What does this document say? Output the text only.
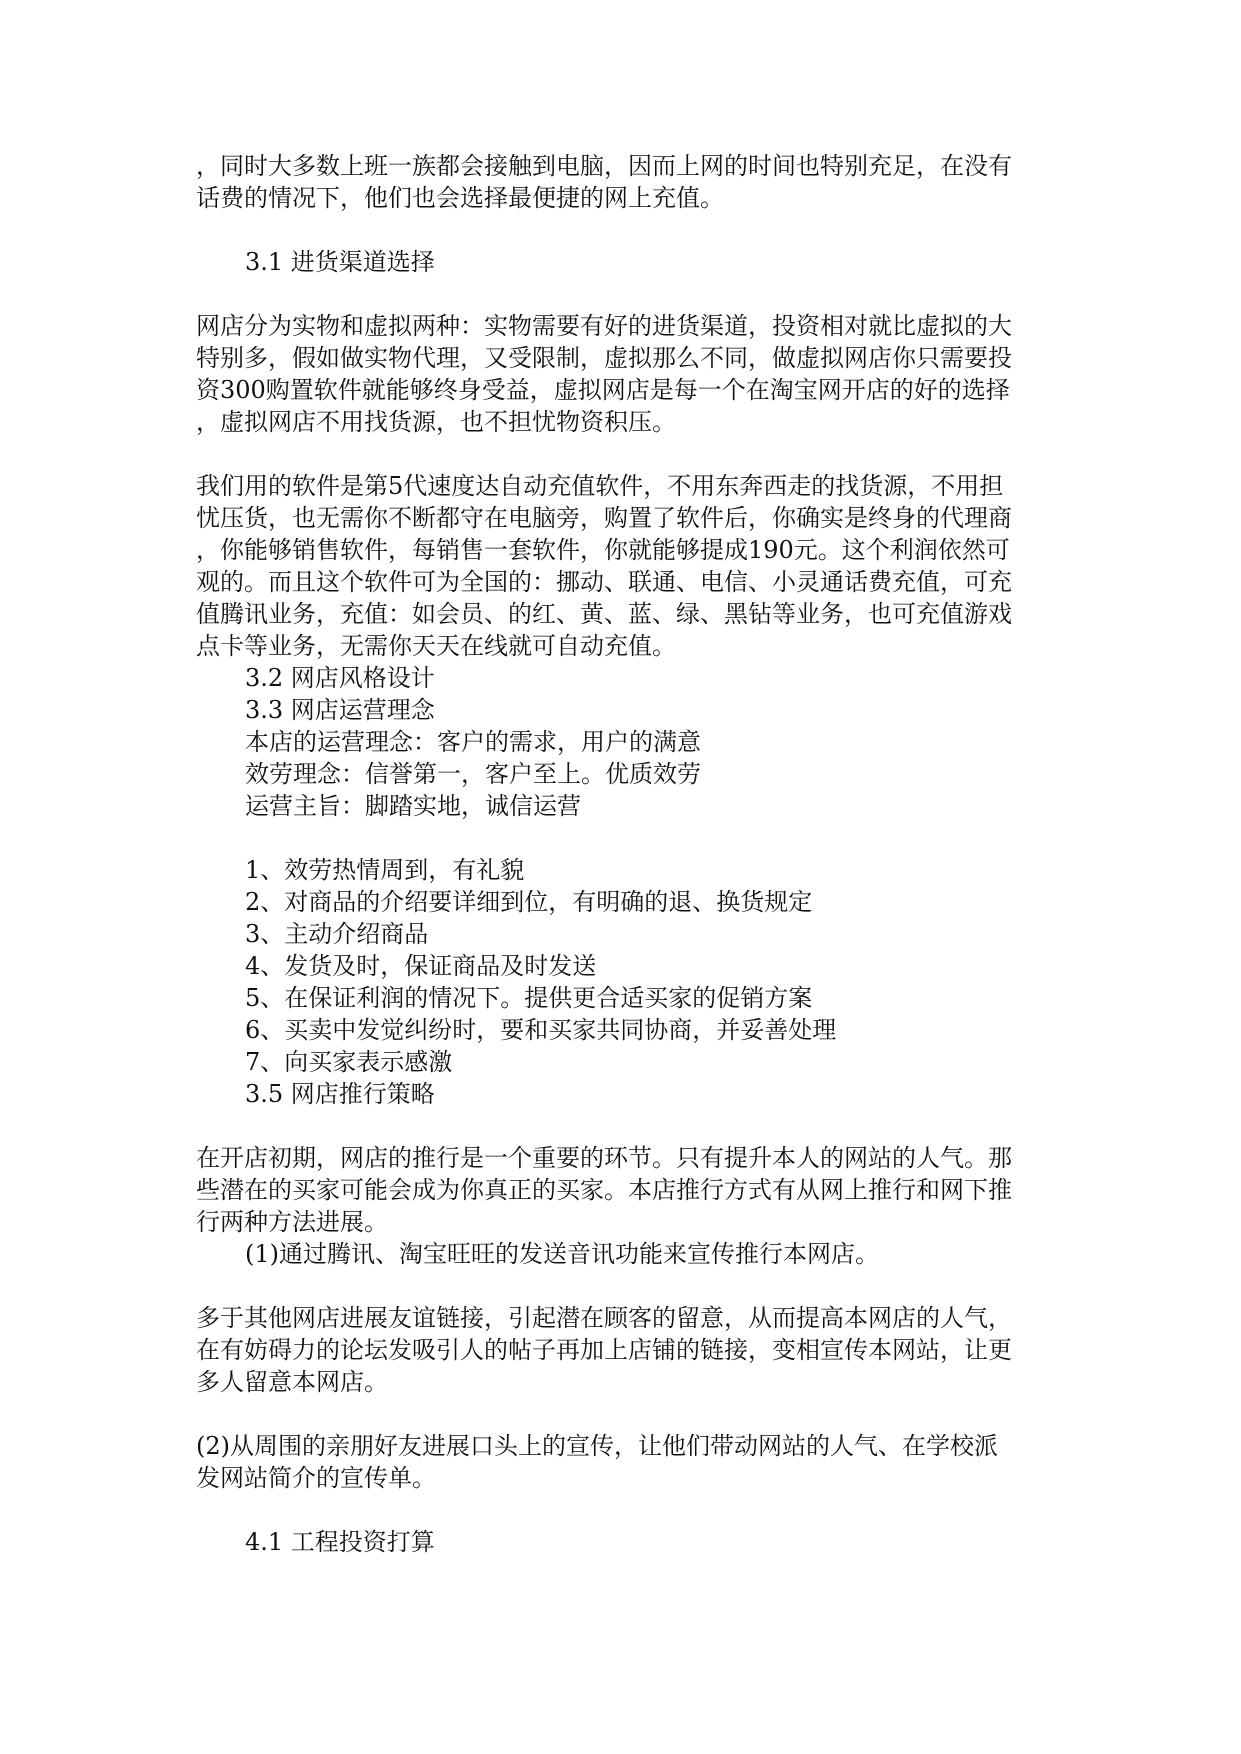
，同时大多数上班一族都会接触到电脑，因而上网的时间也特别充足，在没有
话费的情况下，他们也会选择最便捷的网上充值。
3.1 进货渠道选择
网店分为实物和虚拟两种：实物需要有好的进货渠道，投资相对就比虚拟的大
特别多，假如做实物代理，又受限制，虚拟那么不同，做虚拟网店你只需要投
资300购置软件就能够终身受益，虚拟网店是每一个在淘宝网开店的好的选择
，虚拟网店不用找货源，也不担忧物资积压。
我们用的软件是第5代速度达自动充值软件，不用东奔西走的找货源，不用担
忧压货，也无需你不断都守在电脑旁，购置了软件后，你确实是终身的代理商
，你能够销售软件，每销售一套软件，你就能够提成190元。这个利润依然可
观的。而且这个软件可为全国的：挪动、联通、电信、小灵通话费充值，可充
值腾讯业务，充值：如会员、的红、黄、蓝、绿、黑钻等业务，也可充值游戏
点卡等业务，无需你天天在线就可自动充值。
3.2 网店风格设计
3.3 网店运营理念
本店的运营理念：客户的需求，用户的满意
效劳理念：信誉第一，客户至上。优质效劳
运营主旨：脚踏实地，诚信运营
1、效劳热情周到，有礼貌
2、对商品的介绍要详细到位，有明确的退、换货规定
3、主动介绍商品
4、发货及时，保证商品及时发送
5、在保证利润的情况下。提供更合适买家的促销方案
6、买卖中发觉纠纷时，要和买家共同协商，并妥善处理
7、向买家表示感激
3.5 网店推行策略
在开店初期，网店的推行是一个重要的环节。只有提升本人的网站的人气。那
些潜在的买家可能会成为你真正的买家。本店推行方式有从网上推行和网下推
行两种方法进展。
(1)通过腾讯、淘宝旺旺的发送音讯功能来宣传推行本网店。
多于其他网店进展友谊链接，引起潜在顾客的留意，从而提高本网店的人气，
在有妨碍力的论坛发吸引人的帖子再加上店铺的链接，变相宣传本网站，让更
多人留意本网店。
(2)从周围的亲朋好友进展口头上的宣传，让他们带动网站的人气、在学校派
发网站简介的宣传单。
4.1 工程投资打算
